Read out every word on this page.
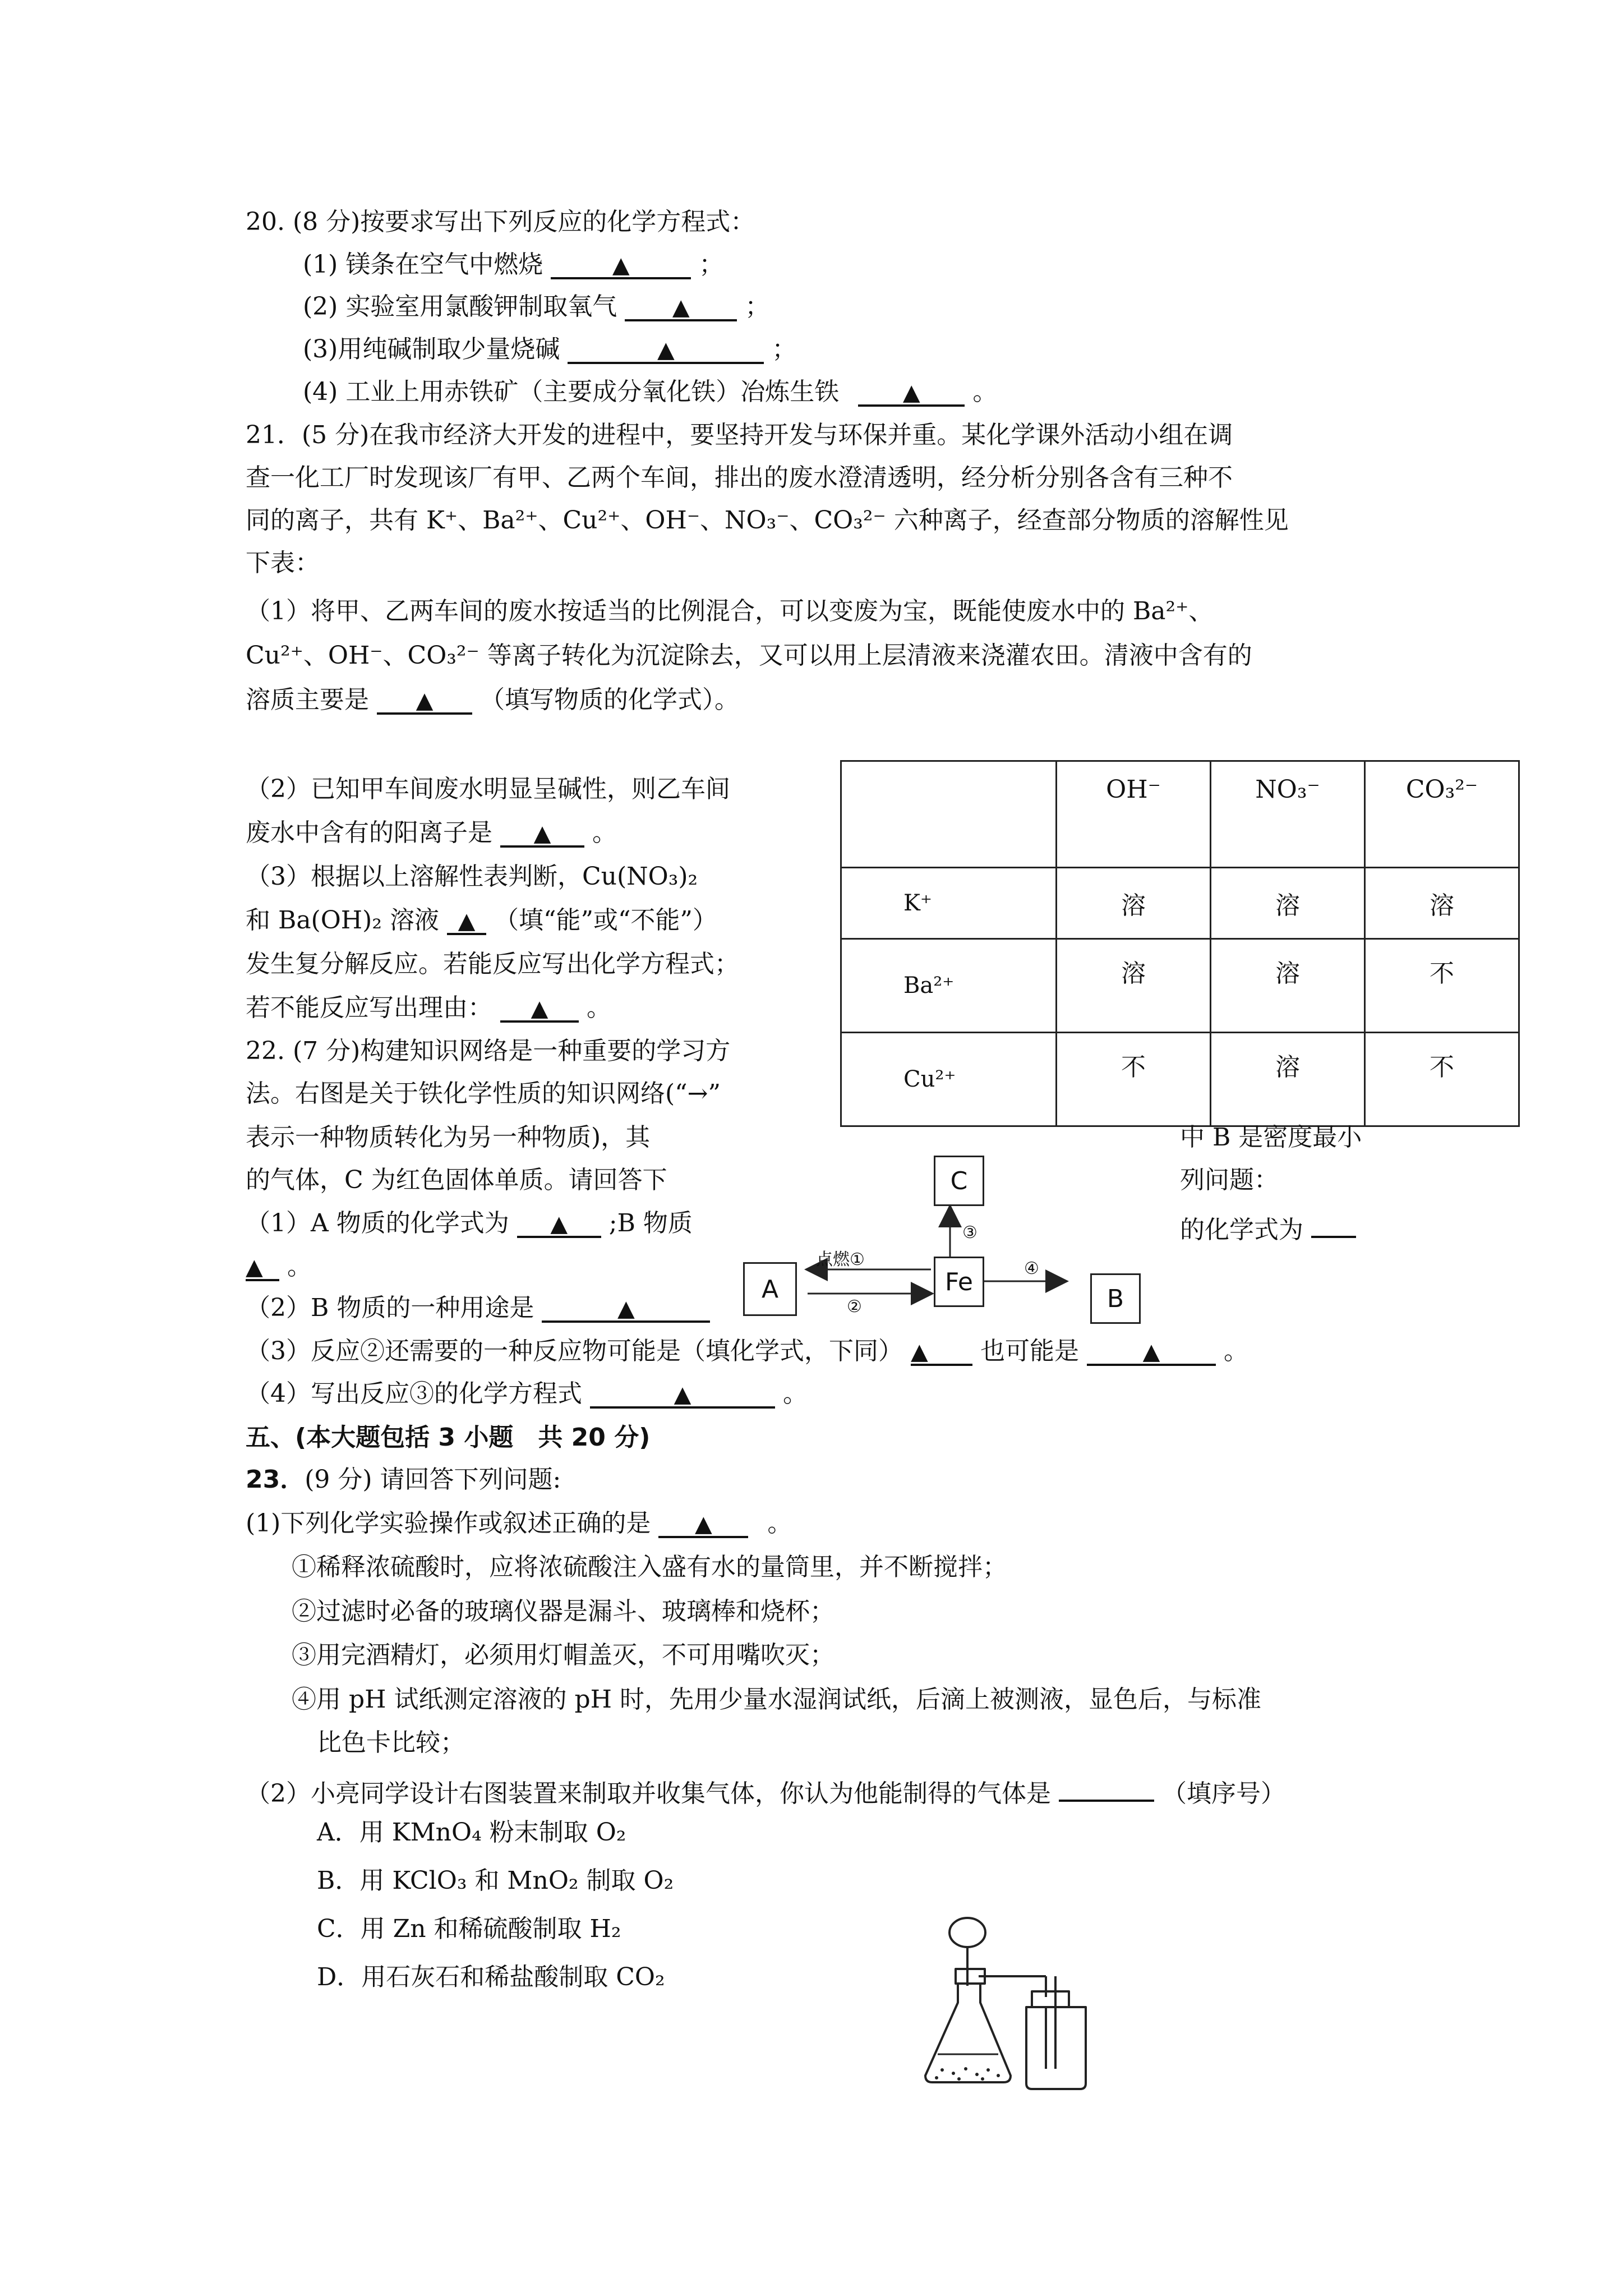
20. (8 分)按要求写出下列反应的化学方程式：
(1) 镁条在空气中燃烧	▲	；
(2) 实验室用氯酸钾制取氧气 ▲ ；
(3)用纯碱制取少量烧碱	▲	；
(4) 工业上用赤铁矿（主要成分氧化铁）冶炼生铁	▲ 。
21．(5 分)在我市经济大开发的进程中，要坚持开发与环保并重。某化学课外活动小组在调
查一化工厂时发现该厂有甲、乙两个车间，排出的废水澄清透明，经分析分别各含有三种不
同的离子，共有 K⁺、Ba²⁺、Cu²⁺、OH⁻、NO₃⁻、CO₃²⁻ 六种离子，经查部分物质的溶解性见
下表：
（1）将甲、乙两车间的废水按适当的比例混合，可以变废为宝，既能使废水中的 Ba²⁺、
Cu²⁺、OH⁻、CO₃²⁻ 等离子转化为沉淀除去，又可以用上层清液来浇灌农田。清液中含有的
溶质主要是 ▲ （填写物质的化学式）。
（2）已知甲车间废水明显呈碱性，则乙车间
废水中含有的阳离子是 ▲ 。
（3）根据以上溶解性表判断，Cu(NO₃)₂
和 Ba(OH)₂ 溶液 ▲ （填“能”或“不能”）
发生复分解反应。若能反应写出化学方程式；
若不能反应写出理由： ▲ 。
	OH⁻	NO₃⁻	CO₃²⁻
K⁺	溶	溶	溶
Ba²⁺	溶	溶	不
Cu²⁺	不	溶	不
22. (7 分)构建知识网络是一种重要的学习方
法。右图是关于铁化学性质的知识网络(“→”
表示一种物质转化为另一种物质)，其	中 B 是密度最小
的气体，C 为红色固体单质。请回答下	列问题：
（1）A 物质的化学式为 ▲ ;B 物质	的化学式为
▲ 。
（2）B 物质的一种用途是	▲
（3）反应②还需要的一种反应物可能是（填化学式，下同） ▲ 也可能是	▲	。
（4）写出反应③的化学方程式	▲	。
A	Fe
B
C
点燃①
②
③
④
五、(本大题包括 3 小题　共 20 分)
23．(9 分) 请回答下列问题:
(1)下列化学实验操作或叙述正确的是 ▲ 。
①稀释浓硫酸时，应将浓硫酸注入盛有水的量筒里，并不断搅拌；
②过滤时必备的玻璃仪器是漏斗、玻璃棒和烧杯；
③用完酒精灯，必须用灯帽盖灭，不可用嘴吹灭；
④用 pH 试纸测定溶液的 pH 时，先用少量水湿润试纸，后滴上被测液，显色后，与标准
比色卡比较；
（2）小亮同学设计右图装置来制取并收集气体，你认为他能制得的气体是	（填序号）
A．用 KMnO₄ 粉末制取 O₂
B．用 KClO₃ 和 MnO₂ 制取 O₂
C．用 Zn 和稀硫酸制取 H₂
D．用石灰石和稀盐酸制取 CO₂
